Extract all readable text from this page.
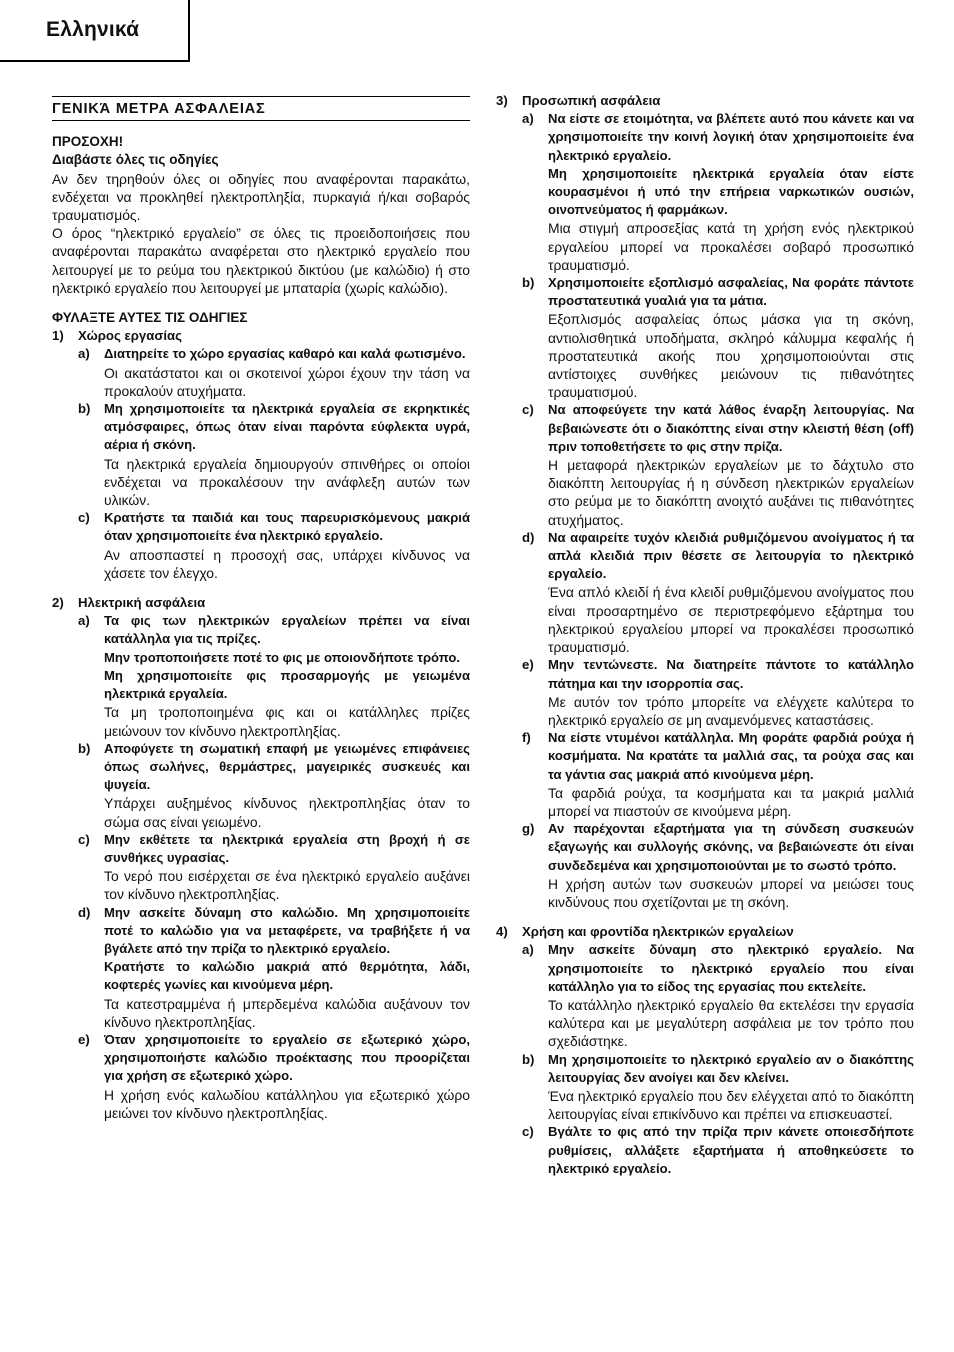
Ελληνικά
ΓΕΝΙΚΆ ΜΕΤΡΑ ΑΣΦΑΛΕΙΑΣ
ΠΡΟΣΟΧΗ!
Διαβάστε όλες τις οδηγίες

Αν δεν τηρηθούν όλες οι οδηγίες που αναφέρονται παρακάτω, ενδέχεται να προκληθεί ηλεκτροπληξία, πυρκαγιά ή/και σοβαρός τραυματισμός.

Ο όρος “ηλεκτρικό εργαλείο” σε όλες τις προειδοποιήσεις που αναφέρονται παρακάτω αναφέρεται στο ηλεκτρικό εργαλείο που λειτουργεί με το ρεύμα του ηλεκτρικού δικτύου (με καλώδιο) ή στο ηλεκτρικό εργαλείο που λειτουργεί με μπαταρία (χωρίς καλώδιο).

ΦΥΛΑΞΤΕ ΑΥΤΕΣ ΤΙΣ ΟΔΗΓΙΕΣ
1)	Χώρος εργασίας
a)	Διατηρείτε το χώρο εργασίας καθαρό και καλά φωτισμένο.

Οι ακατάστατοι και οι σκοτεινοί χώροι έχουν την τάση να προκαλούν ατυχήματα.

b)	Μη χρησιμοποιείτε τα ηλεκτρικά εργαλεία σε εκρηκτικές ατμόσφαιρες, όπως όταν είναι παρόντα εύφλεκτα υγρά, αέρια ή σκόνη.

Τα ηλεκτρικά εργαλεία δημιουργούν σπινθήρες οι οποίοι ενδέχεται να προκαλέσουν την ανάφλεξη αυτών των υλικών.

c)	Κρατήστε τα παιδιά και τους παρευρισκόμενους μακριά όταν χρησιμοποιείτε ένα ηλεκτρικό εργαλείο.

Αν αποσπαστεί η προσοχή σας, υπάρχει κίνδυνος να χάσετε τον έλεγχο.

2)	Ηλεκτρική ασφάλεια
a)	Τα φις των ηλεκτρικών εργαλείων πρέπει να είναι κατάλληλα για τις πρίζες.

Μην τροποποιήσετε ποτέ το φις με οποιονδήποτε τρόπο.

Μη χρησιμοποιείτε φις προσαρμογής με γειωμένα ηλεκτρικά εργαλεία.

Τα μη τροποποιημένα φις και οι κατάλληλες πρίζες μειώνουν τον κίνδυνο ηλεκτροπληξίας.

b)	Αποφύγετε τη σωματική επαφή με γειωμένες επιφάνειες όπως σωλήνες, θερμάστρες, μαγειρικές συσκευές και ψυγεία.

Υπάρχει αυξημένος κίνδυνος ηλεκτροπληξίας όταν το σώμα σας είναι γειωμένο.

c)	Μην εκθέτετε τα ηλεκτρικά εργαλεία στη βροχή ή σε συνθήκες υγρασίας.

Το νερό που εισέρχεται σε ένα ηλεκτρικό εργαλείο αυξάνει τον κίνδυνο ηλεκτροπληξίας.

d)	Μην ασκείτε δύναμη στο καλώδιο. Μη χρησιμοποιείτε ποτέ το καλώδιο για να μεταφέρετε, να τραβήξετε ή να βγάλετε από την πρίζα το ηλεκτρικό εργαλείο.

Κρατήστε το καλώδιο μακριά από θερμότητα, λάδι, κοφτερές γωνίες και κινούμενα μέρη.

Τα κατεστραμμένα ή μπερδεμένα καλώδια αυξάνουν τον κίνδυνο ηλεκτροπληξίας.

e)	Όταν χρησιμοποιείτε το εργαλείο σε εξωτερικό χώρο, χρησιμοποιήστε καλώδιο προέκτασης που προορίζεται για χρήση σε εξωτερικό χώρο.

Η χρήση ενός καλωδίου κατάλληλου για εξωτερικό χώρο μειώνει τον κίνδυνο ηλεκτροπληξίας.

3)	Προσωπική ασφάλεια
a)	Να είστε σε ετοιμότητα, να βλέπετε αυτό που κάνετε και να χρησιμοποιείτε την κοινή λογική όταν χρησιμοποιείτε ένα ηλεκτρικό εργαλείο.

Μη χρησιμοποιείτε ηλεκτρικά εργαλεία όταν είστε κουρασμένοι ή υπό την επήρεια ναρκωτικών ουσιών, οινοπνεύματος ή φαρμάκων.

Μια στιγμή απροσεξίας κατά τη χρήση ενός ηλεκτρικού εργαλείου μπορεί να προκαλέσει σοβαρό προσωπικό τραυματισμό.

b)	Χρησιμοποιείτε εξοπλισμό ασφαλείας, Να φοράτε πάντοτε προστατευτικά γυαλιά για τα μάτια.

Εξοπλισμός ασφαλείας όπως μάσκα για τη σκόνη, αντιολισθητικά υποδήματα, σκληρό κάλυμμα κεφαλής ή προστατευτικά ακοής που χρησιμοποιούνται στις αντίστοιχες συνθήκες μειώνουν τις πιθανότητες τραυματισμού.

c)	Να αποφεύγετε την κατά λάθος έναρξη λειτουργίας. Να βεβαιώνεστε ότι ο διακόπτης είναι στην κλειστή θέση (off) πριν τοποθετήσετε το φις στην πρίζα.

Η μεταφορά ηλεκτρικών εργαλείων με το δάχτυλο στο διακόπτη λειτουργίας ή η σύνδεση ηλεκτρικών εργαλείων στο ρεύμα με το διακόπτη ανοιχτό αυξάνει τις πιθανότητες ατυχήματος.

d)	Να αφαιρείτε τυχόν κλειδιά ρυθμιζόμενου ανοίγματος ή τα απλά κλειδιά πριν θέσετε σε λειτουργία το ηλεκτρικό εργαλείο.

Ένα απλό κλειδί ή ένα κλειδί ρυθμιζόμενου ανοίγματος που είναι προσαρτημένο σε περιστρεφόμενο εξάρτημα του ηλεκτρικού εργαλείου μπορεί να προκαλέσει προσωπικό τραυματισμό.

e)	Μην τεντώνεστε. Να διατηρείτε πάντοτε το κατάλληλο πάτημα και την ισορροπία σας.

Με αυτόν τον τρόπο μπορείτε να ελέγχετε καλύτερα το ηλεκτρικό εργαλείο σε μη αναμενόμενες καταστάσεις.

f)	Να είστε ντυμένοι κατάλληλα. Μη φοράτε φαρδιά ρούχα ή κοσμήματα. Να κρατάτε τα μαλλιά σας, τα ρούχα σας και τα γάντια σας μακριά από κινούμενα μέρη.

Τα φαρδιά ρούχα, τα κοσμήματα και τα μακριά μαλλιά μπορεί να πιαστούν σε κινούμενα μέρη.

g)	Αν παρέχονται εξαρτήματα για τη σύνδεση συσκευών εξαγωγής και συλλογής σκόνης, να βεβαιώνεστε ότι είναι συνδεδεμένα και χρησιμοποιούνται με το σωστό τρόπο.

Η χρήση αυτών των συσκευών μπορεί να μειώσει τους κινδύνους που σχετίζονται με τη σκόνη.

4)	Χρήση και φροντίδα ηλεκτρικών εργαλείων
a)	Μην ασκείτε δύναμη στο ηλεκτρικό εργαλείο. Να χρησιμοποιείτε το ηλεκτρικό εργαλείο που είναι κατάλληλο για το είδος της εργασίας που εκτελείτε.

Το κατάλληλο ηλεκτρικό εργαλείο θα εκτελέσει την εργασία καλύτερα και με μεγαλύτερη ασφάλεια με τον τρόπο που σχεδιάστηκε.

b)	Μη χρησιμοποιείτε το ηλεκτρικό εργαλείο αν ο διακόπτης λειτουργίας δεν ανοίγει και δεν κλείνει.

Ένα ηλεκτρικό εργαλείο που δεν ελέγχεται από το διακόπτη λειτουργίας είναι επικίνδυνο και πρέπει να επισκευαστεί.

c)	Βγάλτε το φις από την πρίζα πριν κάνετε οποιεσδήποτε ρυθμίσεις, αλλάξετε εξαρτήματα ή αποθηκεύσετε το ηλεκτρικό εργαλείο.
